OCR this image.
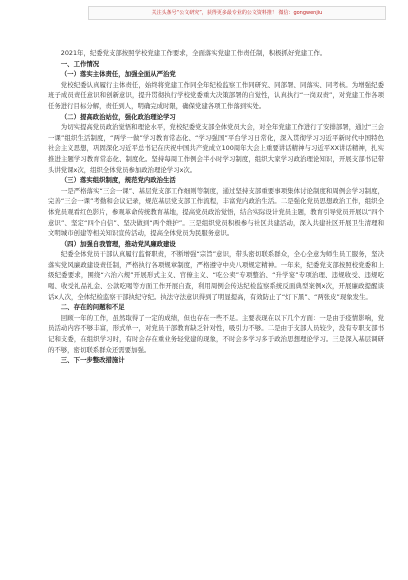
关注头条号“公文研究”，获得更多最专业的公文资料推！ 微信：gongwenjiu

2021年，纪委党支部按照学校党建工作要求，全面落实党建工作责任制，积极抓好党建工作。

一、工作情况

（一）落实主体责任，加强全面从严治党

党校纪委认真履行主体责任，始终将党建工作同全年纪检监察工作同研究、同部署、同落实、同考核。为增强纪委班子成员责任意识和创新意识，提升贯彻执行学校党委重大决策部署的自觉性，认真执行“一岗双责”，对党建工作各项任务进行目标分解，责任到人，明确完成时限，确保党建各项工作落到实处。

（二）提高政治站位，强化政治理论学习

为切实提高党员政治觉悟和理论水平，党校纪委党支部全体党员大会，对全年党建工作进行了安排部署，通过“三会一课”组织生活制度，“两学一做”学习教育常态化、“学习强国”平台学习日常化，深入贯彻学习习近平新时代中国特色社会主义思想，巩固深化习近平总书记在庆祝中国共产党成立100周年大会上重要讲话精神与习近平XX讲话精神，扎实推进主题学习教育常态化、制度化。坚持每周工作例会半小时学习制度，组织大家学习政治理论知识，开展支部书记带头讲党课x次，组织全体党员参加政治理论学习x次。

（三）落实组织制度，规范党内政治生活

一是严格落实“三会一课”、基层党支部工作细则等制度，通过坚持支部重要事项集体讨论制度和周例会学习制度，完善“三会一课”考勤和会议记录，规范基层党支部工作流程，丰富党内政治生活。二是强化党员思想政治工作，组织全体党员观看红色影片，参观革命传统教育基地，提高党员政治觉悟，结合实际设计党员主题，教育引导党员开展以“四个意识”、坚定“四个自信”、坚决做到“两个维护”。三是组织党员积极参与社区共建活动，深入共建社区开展卫生清理和文明城市创建等相关知识宣传活动，提高全体党员为民服务意识。

（四）加强自我管理，推动党风廉政建设

纪委全体党员干部认真履行监督职责，不断增强“宗旨”意识，带头密切联系群众，全心全意为师生员工服务，坚决落实党风廉政建设责任制，严格执行各项规章制度，严格遵守中央八项规定精神。一年来，纪委党支部按照校党委和上级纪委要求，围绕“六治六规”开展形式主义、官僚主义、“吃公卖”专项整治、“升学宴”专项治理、违规收受、违规吃喝、收受礼品礼金、公款吃喝等方面工作开展自查，利用周例会传达纪检监察系统反面典型案例x次，开展廉政提醒谈话x人次，全体纪检监察干部执纪守纪。执法守法意识得到了明显提高，有效防止了“灯下黑”、“两张皮”现象发生。

二、存在的问题和不足

回顾一年的工作，虽然取得了一定的成绩，但也存在一些不足。主要表现在以下几个方面：一是由于疫情影响，党员活动内容不够丰富，形式单一，对党员干部教育缺乏针对性，吸引力不够。二是由于支部人员较少，没有专职支部书记和支委，在组织学习时，有时会存在重业务轻党建的现象，不时会多学习多于政治思想理论学习。三是深入基层调研的不够，密切联系群众还需要加强。

三、下一步整改措施计
